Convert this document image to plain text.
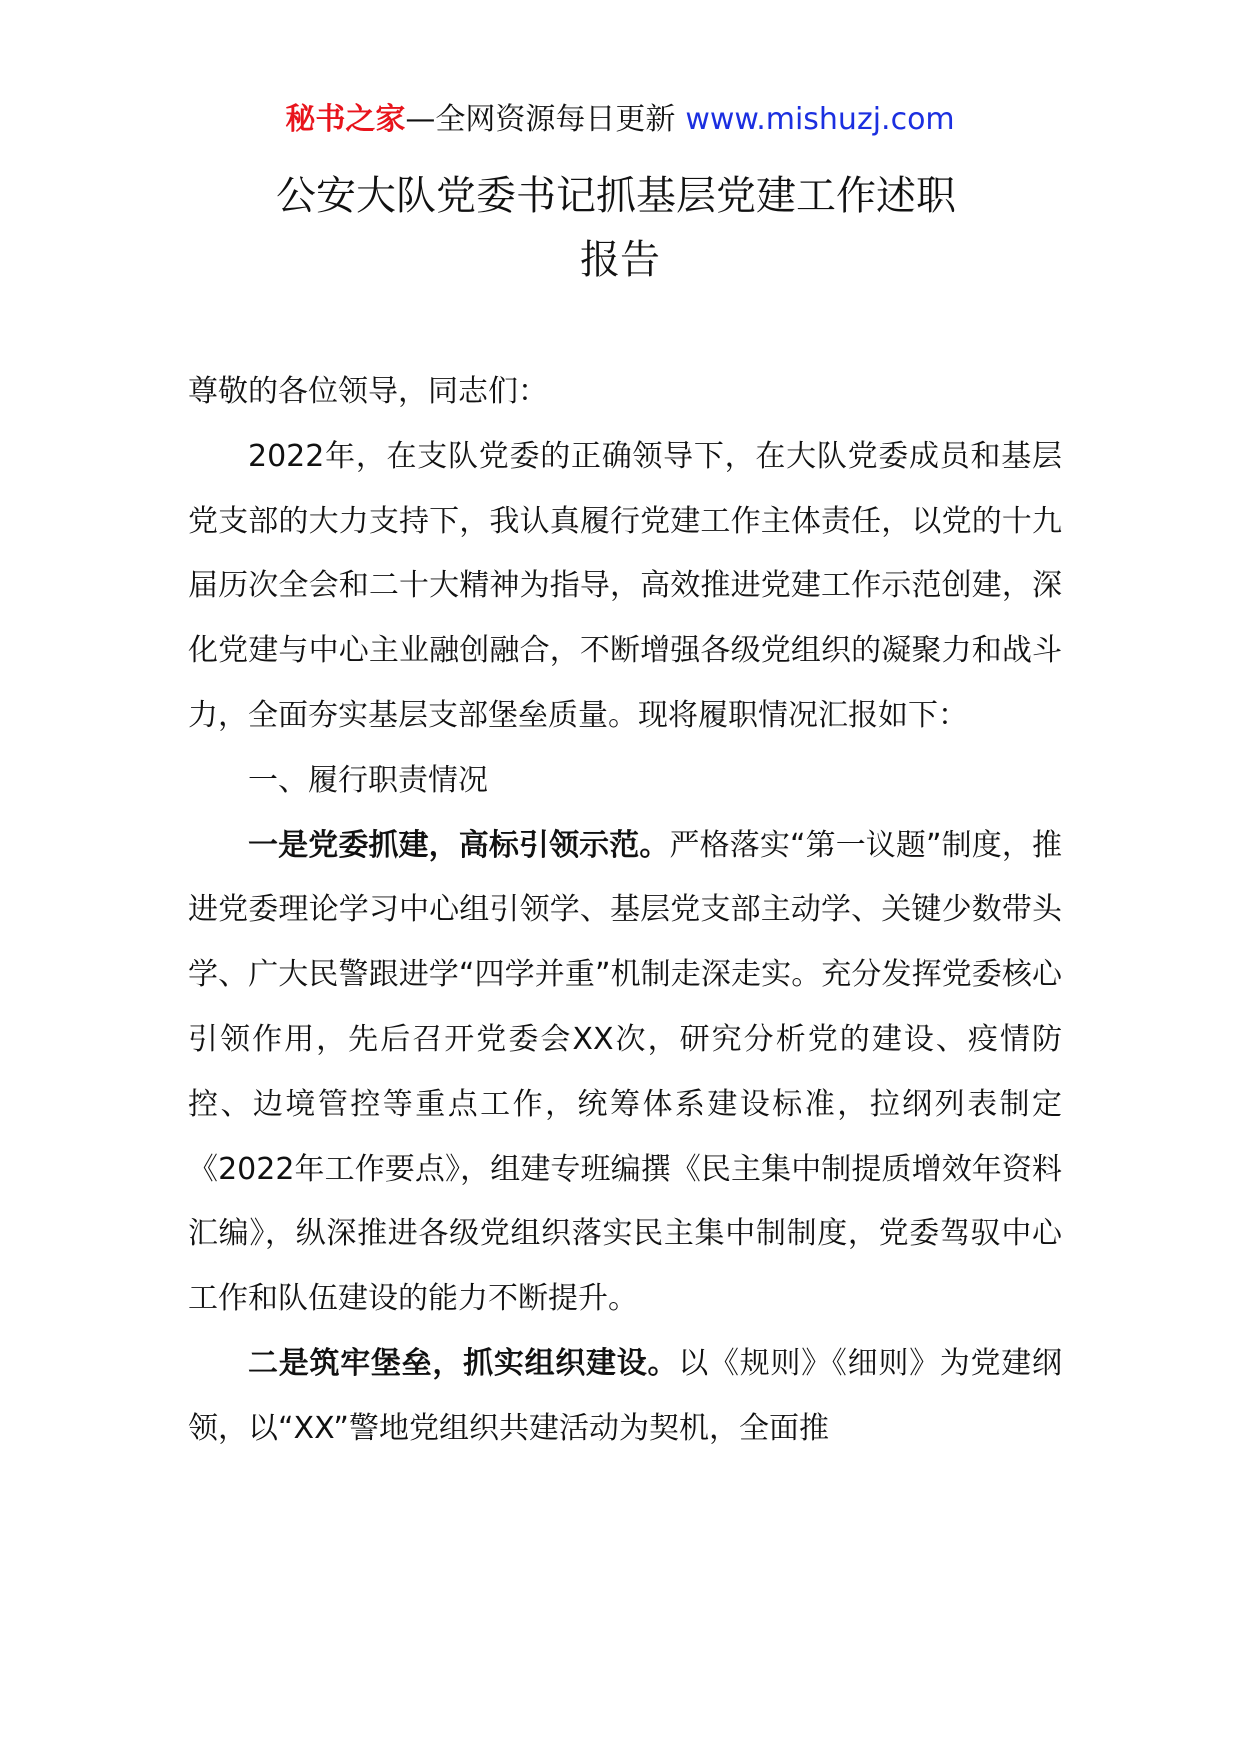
秘书之家—全网资源每日更新 www.mishuzj.com
公安大队党委书记抓基层党建工作述职
报告

尊敬的各位领导，同志们：

2022年，在支队党委的正确领导下，在大队党委成员和基层党支部的大力支持下，我认真履行党建工作主体责任，以党的十九届历次全会和二十大精神为指导，高效推进党建工作示范创建，深化党建与中心主业融创融合，不断增强各级党组织的凝聚力和战斗力，全面夯实基层支部堡垒质量。现将履职情况汇报如下：

一、履行职责情况

一是党委抓建，高标引领示范。严格落实“第一议题”制度，推进党委理论学习中心组引领学、基层党支部主动学、关键少数带头学、广大民警跟进学“四学并重”机制走深走实。充分发挥党委核心引领作用，先后召开党委会XX次，研究分析党的建设、疫情防控、边境管控等重点工作，统筹体系建设标准，拉纲列表制定《2022年工作要点》，组建专班编撰《民主集中制提质增效年资料汇编》，纵深推进各级党组织落实民主集中制制度，党委驾驭中心工作和队伍建设的能力不断提升。

二是筑牢堡垒，抓实组织建设。以《规则》《细则》为党建纲领，以“XX”警地党组织共建活动为契机，全面推
